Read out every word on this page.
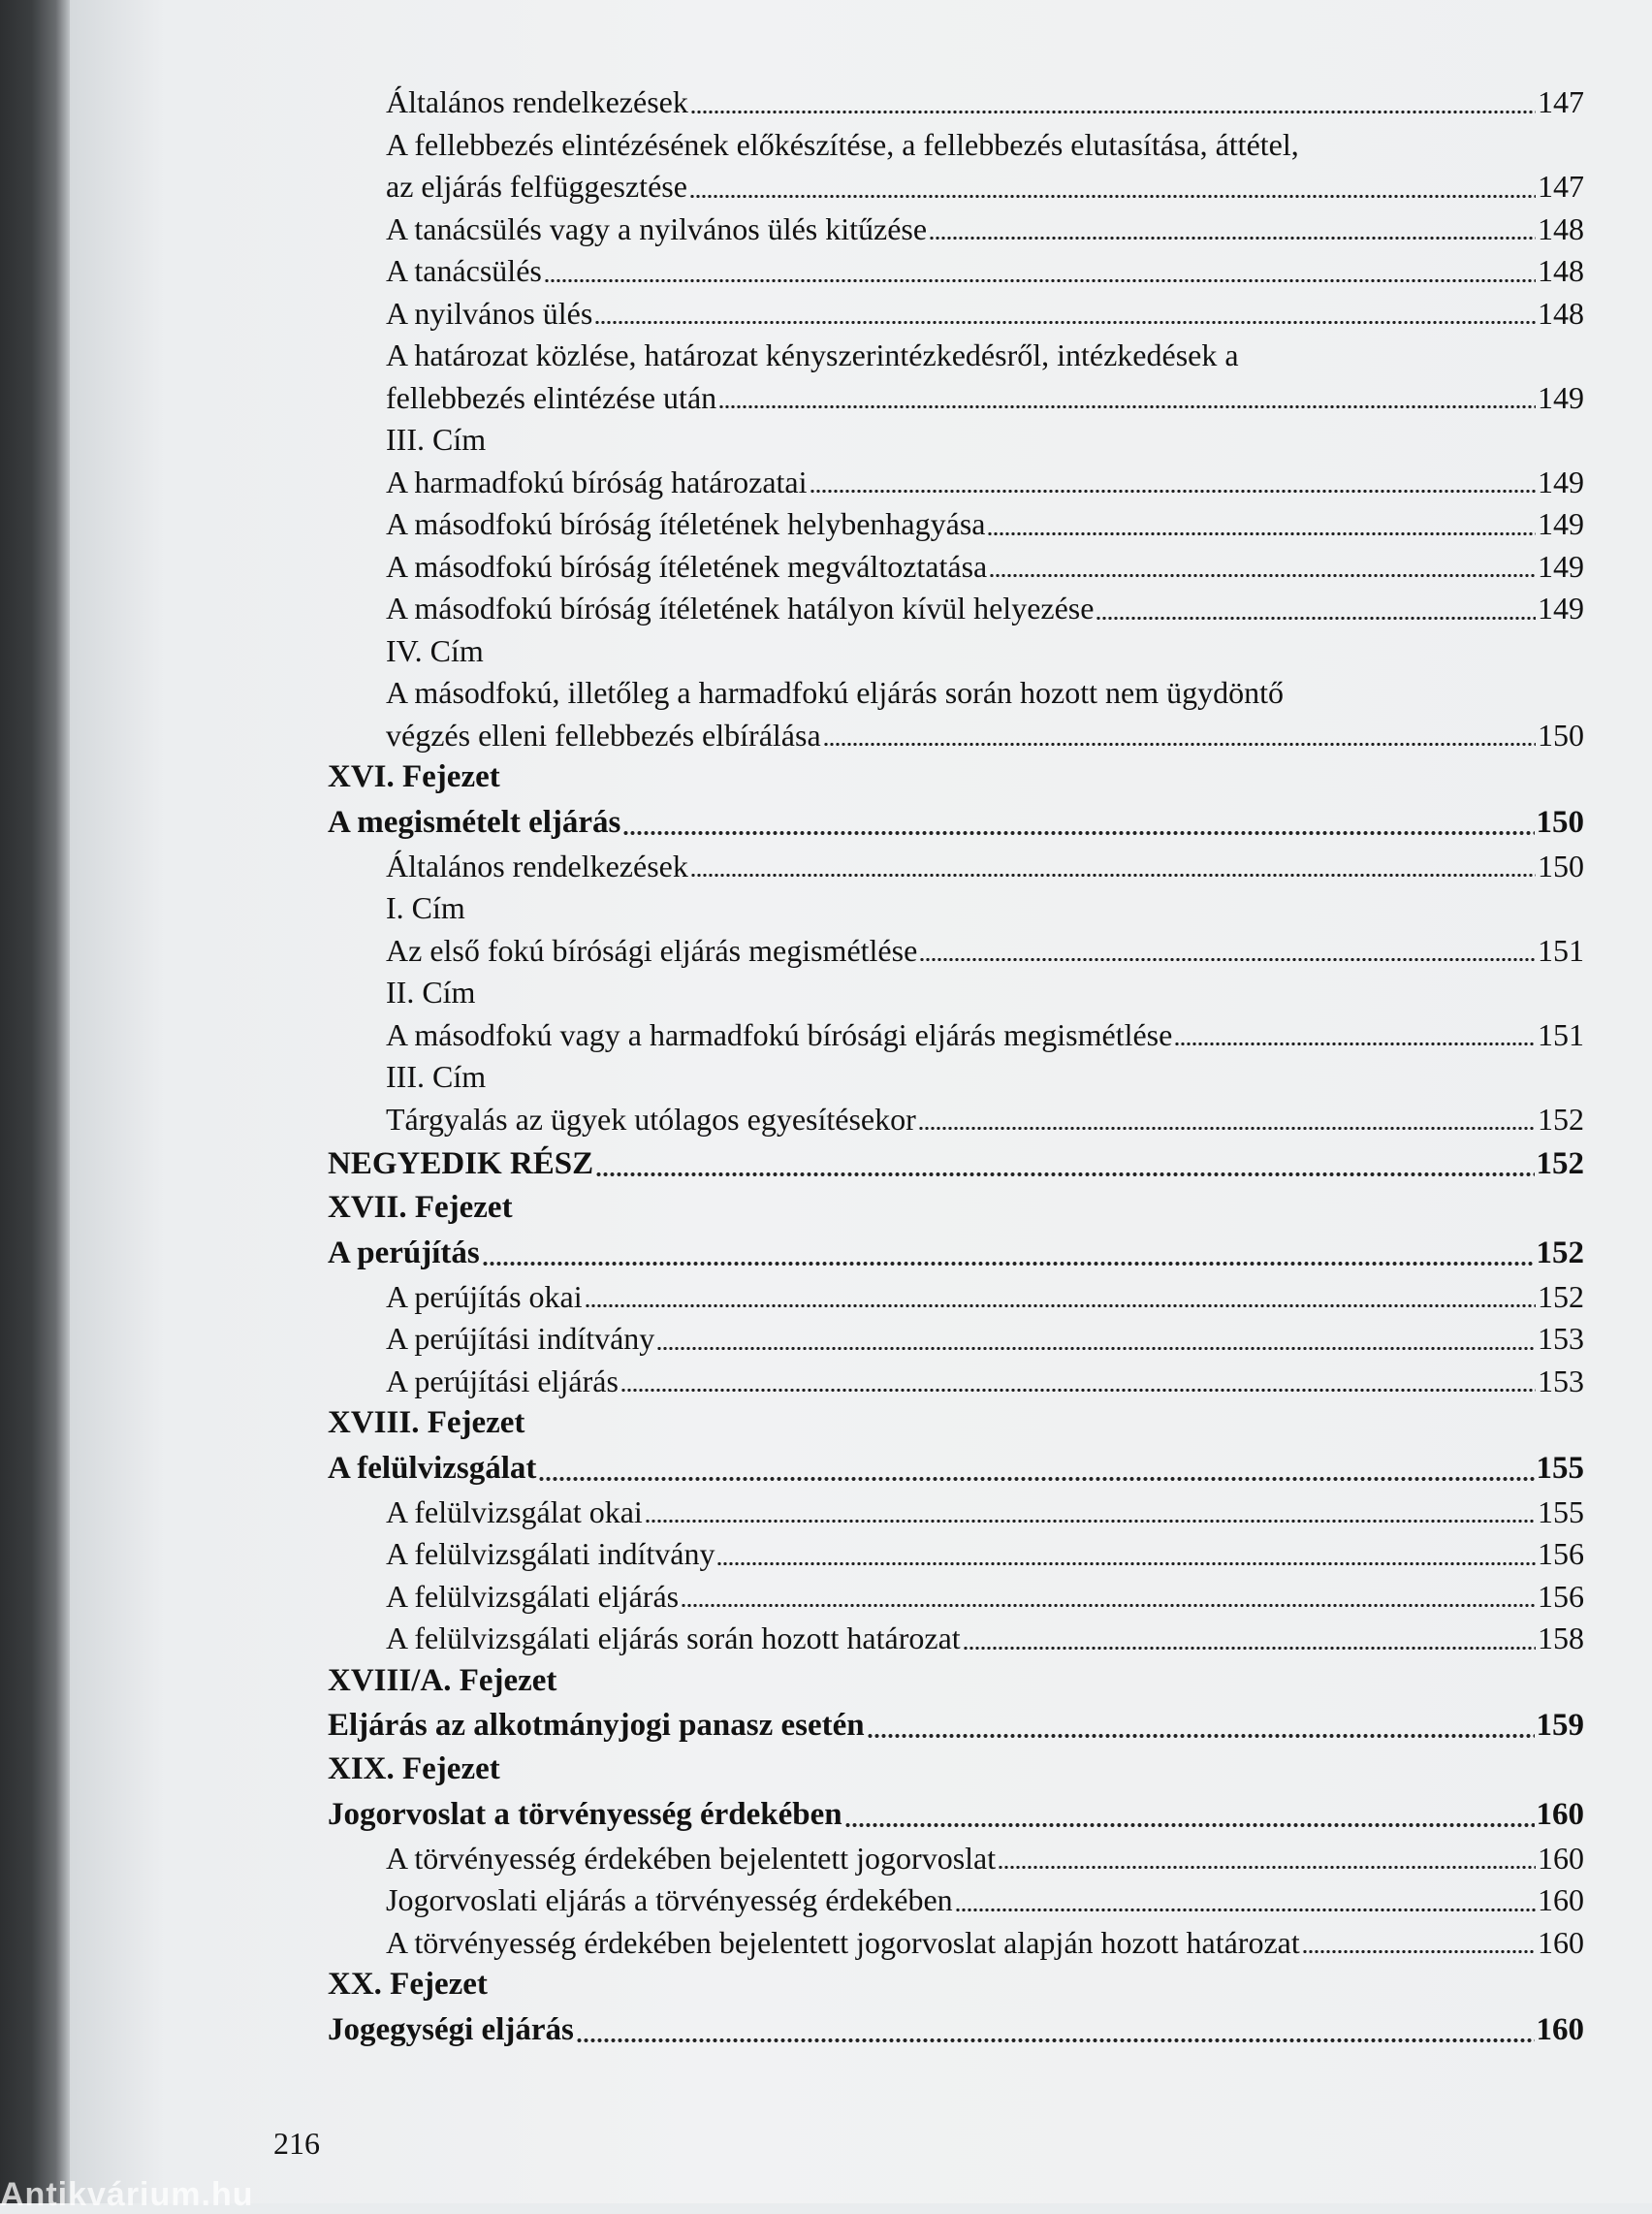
Általános rendelkezések	147
A fellebbezés elintézésének előkészítése, a fellebbezés elutasítása, áttétel,
az eljárás felfüggesztése	147
A tanácsülés vagy a nyilvános ülés kitűzése	148
A tanácsülés	148
A nyilvános ülés	148
A határozat közlése, határozat kényszerintézkedésről, intézkedések a
fellebbezés elintézése után	149
III. Cím
A harmadfokú bíróság határozatai	149
A másodfokú bíróság ítéletének helybenhagyása	149
A másodfokú bíróság ítéletének megváltoztatása	149
A másodfokú bíróság ítéletének hatályon kívül helyezése	149
IV. Cím
A másodfokú, illetőleg a harmadfokú eljárás során hozott nem ügydöntő
végzés elleni fellebbezés elbírálása	150
XVI. Fejezet
A megismételt eljárás	150
Általános rendelkezések	150
I. Cím
Az első fokú bírósági eljárás megismétlése	151
II. Cím
A másodfokú vagy a harmadfokú bírósági eljárás megismétlése	151
III. Cím
Tárgyalás az ügyek utólagos egyesítésekor	152
NEGYEDIK RÉSZ	152
XVII. Fejezet
A perújítás	152
A perújítás okai	152
A perújítási indítvány	153
A perújítási eljárás	153
XVIII. Fejezet
A felülvizsgálat	155
A felülvizsgálat okai	155
A felülvizsgálati indítvány	156
A felülvizsgálati eljárás	156
A felülvizsgálati eljárás során hozott határozat	158
XVIII/A. Fejezet
Eljárás az alkotmányjogi panasz esetén	159
XIX. Fejezet
Jogorvoslat a törvényesség érdekében	160
A törvényesség érdekében bejelentett jogorvoslat	160
Jogorvoslati eljárás a törvényesség érdekében	160
A törvényesség érdekében bejelentett jogorvoslat alapján hozott határozat	160
XX. Fejezet
Jogegységi eljárás	160
216
Antikvárium.hu
